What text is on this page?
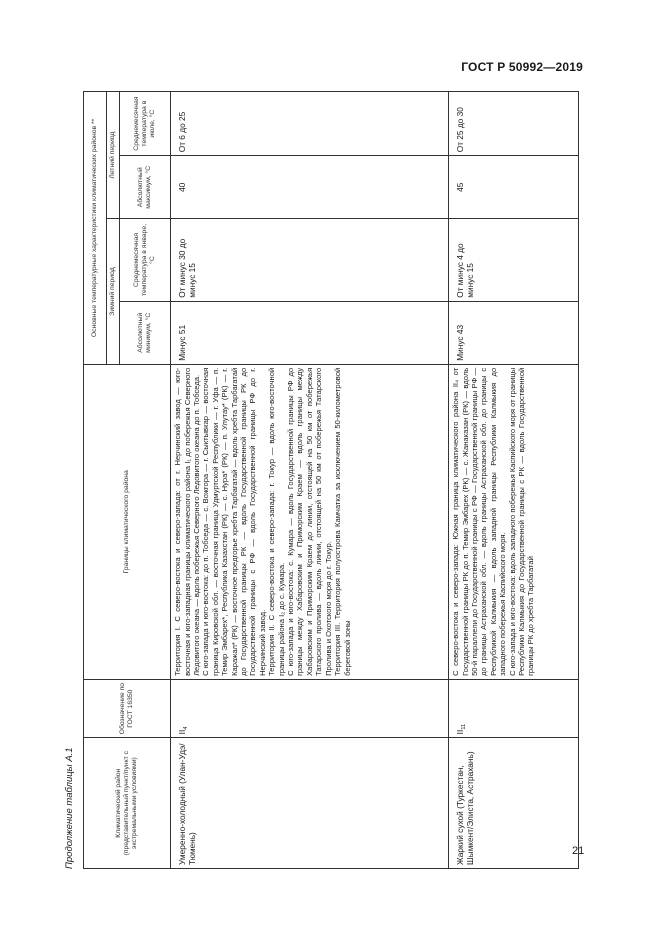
ГОСТ Р 50992—2019
Продолжение таблицы А.1	Климатический район (представительный пункт/пункт с экстремальными условиями)	Обозначение по ГОСТ 16350	Границы климатического района	Основные температурные характеристики климатических районов **			
			Зимний период		Летний период	
			Абсолютный минимум, °С	Среднемесячная температура в январе, °С	Абсолютный максимум, °С	Среднемесячная температура в июле, °С
Умеренно-холодный (Улан-Удэ/Тюмень)	$II_4$	Территория I. С северо-востока и северо-запада: от г. Нерчинский завод — юго-восточная и юго-западная границы климатического района I₁ до побережья Северного Ледовитого океана — вдоль побережья Северного Ледовитого океана до п. Тобседа. С юго-запада и юго-востока: до п. Тобседа — с. Вожгора — г. Сыктывкар — восточная граница Кировской обл. — восточная граница Удмуртской Республики — г. Уфа — п. Темир Эмбарех*, Республика Казахстан (РК) — с. Нура* (РК) — п. Улутау* (РК) — г. Каражал* (РК) — восточное предгорье хребта Тарбагатай — вдоль хребта Тарбагатай до Государственной границы РК — вдоль Государственной границы РК до Государственной границы с РФ — вдоль Государственной границы РФ до г. Нерчинский завод. Территория II. С северо-востока и северо-запада: г. Токур — вдоль юго-восточной границы района I₂ до с. Кумара. С юго-запада и юго-востока: с. Кумара — вдоль Государственной границы РФ до границы между Хабаровским и Приморским Краем — вдоль границы между Хабаровским и Приморским Краем до линии, отстоящей на 50 км от побережья Татарского пролива — вдоль линии, отстоящей на 50 км от побережья Татарского Пролива и Охотского моря до г. Токур. Территория III. Территория полуострова Камчатка за исключением 50-километровой береговой зоны	Минус 51	От минус 30 до минус 15	40	От 6 до 25
Жаркий сухой (Туркестан, Шымкент/Элиста, Астрахань)	$II_{11}$	С северо-востока и северо-запада: Южная граница климатического района II₄ от Государственной границы РК до п. Темир Эмбарех (РК) — с. Жанаказан (РК) — вдоль 50-й параллели до Государственной границы с РФ — Государственной границы РФ — до границы Астраханской обл. — вдоль границы Астраханской обл. до границы с Республикой Калмыкия — вдоль западной границы Республики Калмыкия до западного побережья Каспийского моря. С юго-запада и юго-востока: вдоль западного побережья Каспийского моря от границы Республики Калмыкия до Государственной границы с РК — вдоль Государственной границы РК до хребта Тарбагатай	Минус 43	От минус 4 до минус 15	45	От 25 до 30
21
